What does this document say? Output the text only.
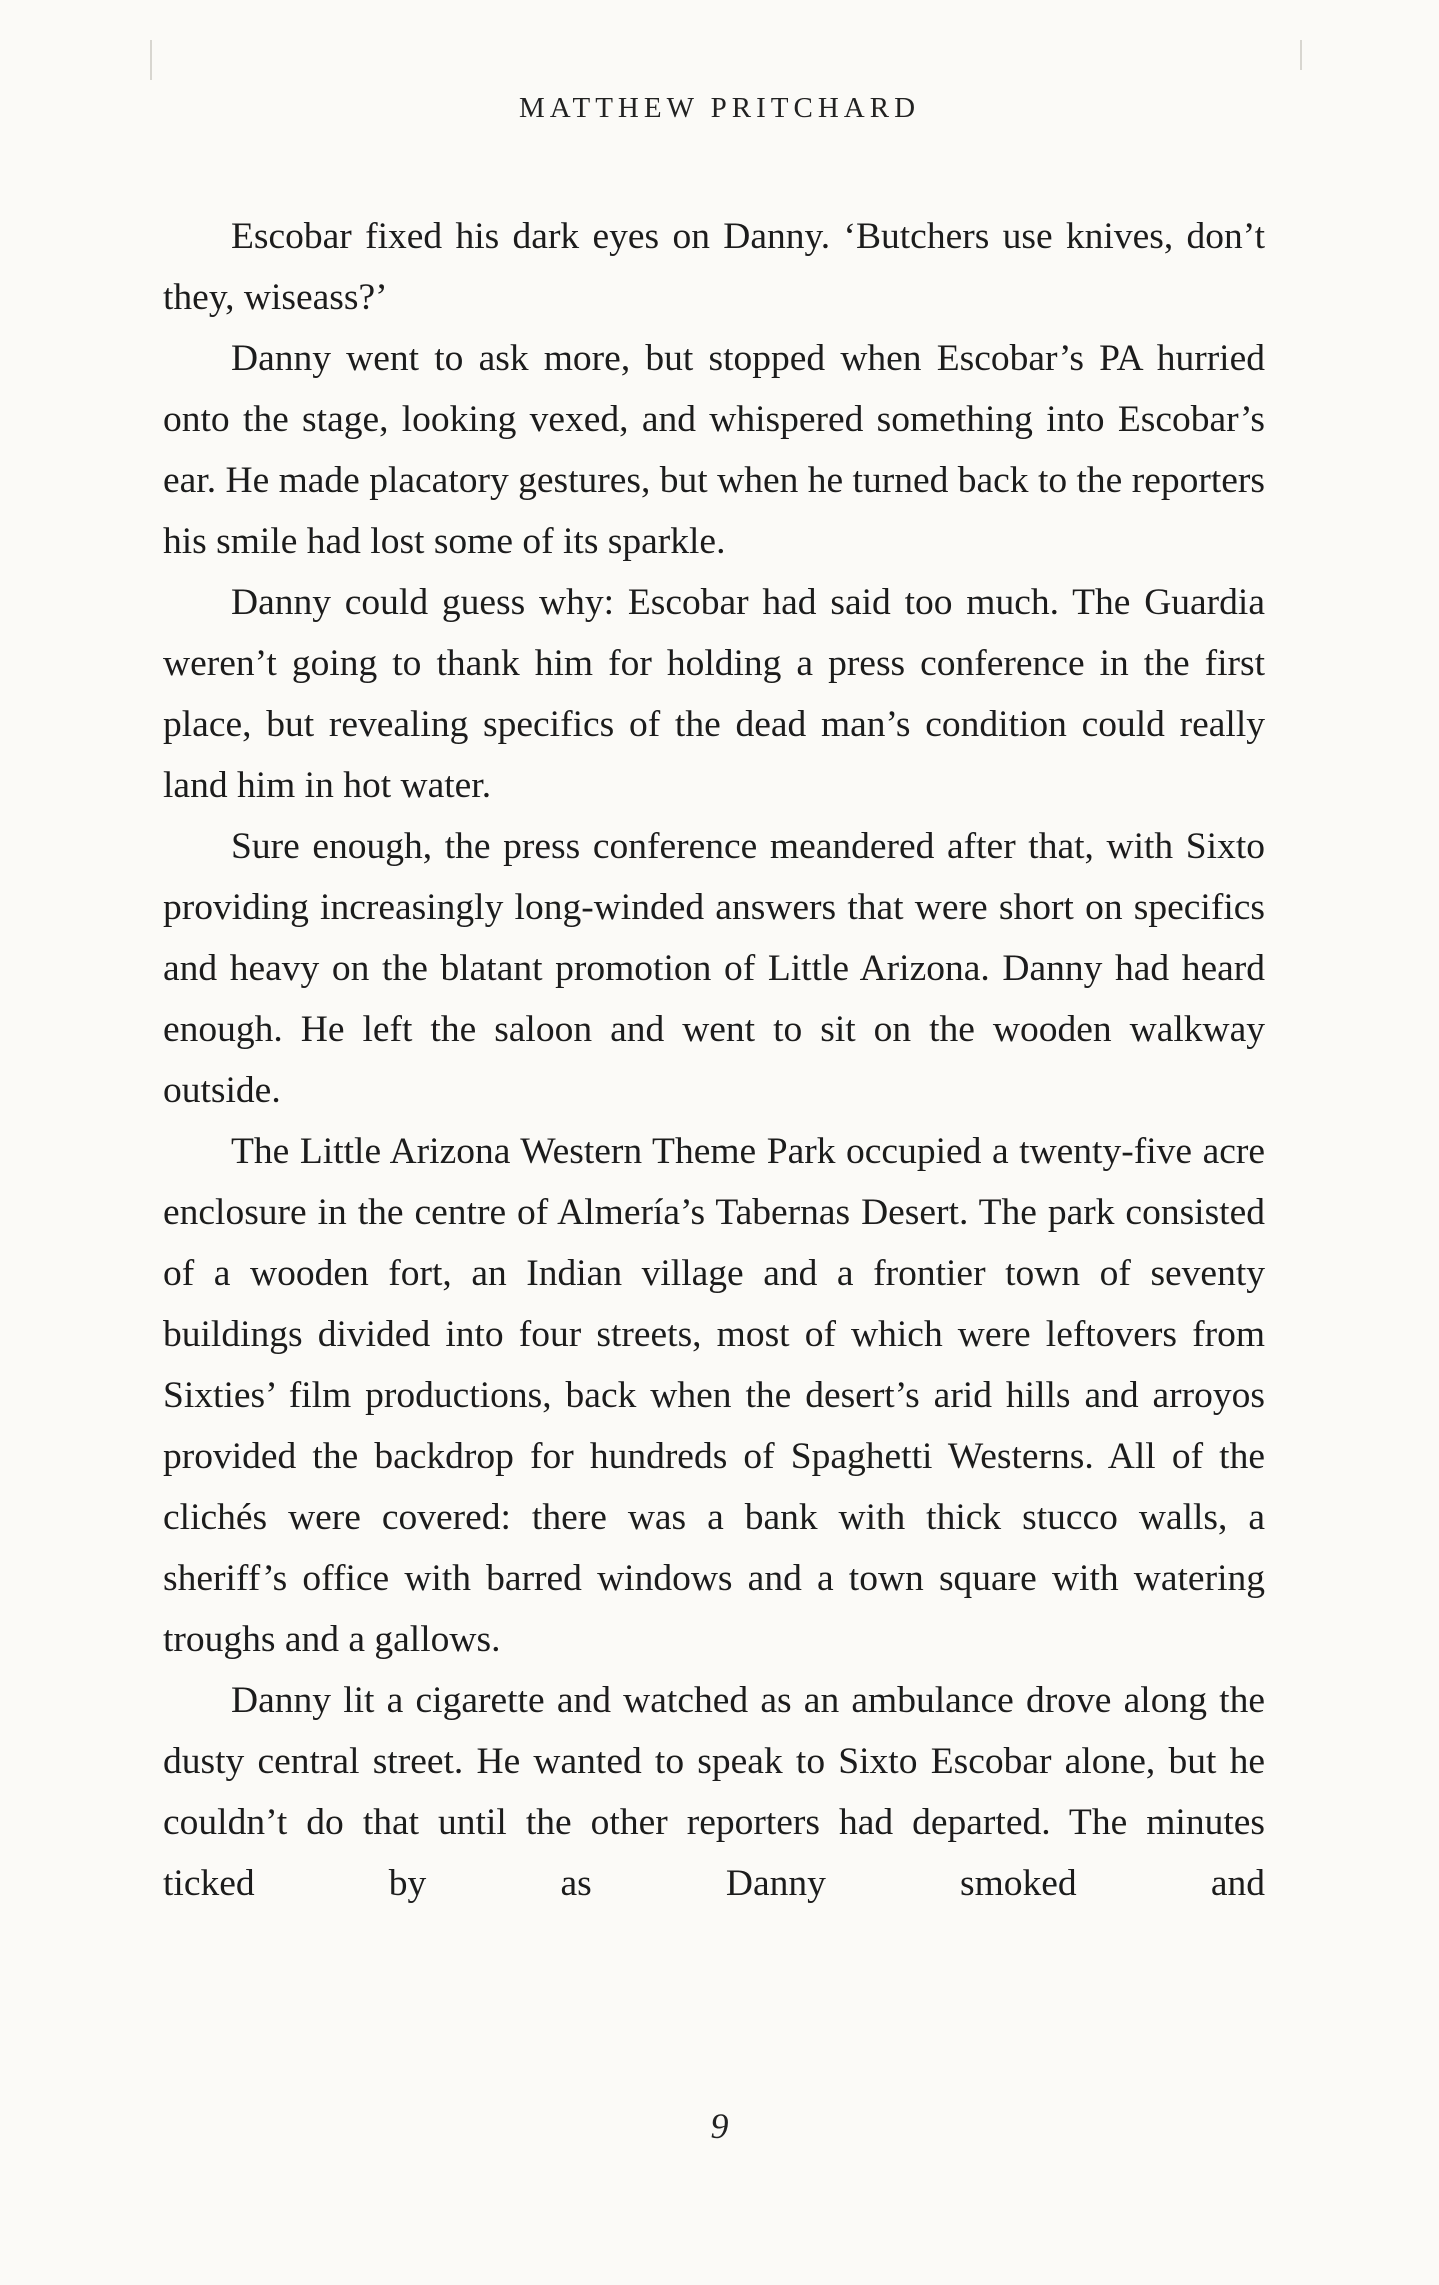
MATTHEW PRITCHARD

Escobar fixed his dark eyes on Danny. ‘Butchers use knives, don’t they, wiseass?’

Danny went to ask more, but stopped when Escobar’s PA hurried onto the stage, looking vexed, and whispered something into Escobar’s ear. He made placatory gestures, but when he turned back to the reporters his smile had lost some of its sparkle.

Danny could guess why: Escobar had said too much. The Guardia weren’t going to thank him for holding a press conference in the first place, but revealing specifics of the dead man’s condition could really land him in hot water.

Sure enough, the press conference meandered after that, with Sixto providing increasingly long-winded answers that were short on specifics and heavy on the blatant promotion of Little Arizona. Danny had heard enough. He left the saloon and went to sit on the wooden walkway outside.

The Little Arizona Western Theme Park occupied a twenty-five acre enclosure in the centre of Almería’s Tabernas Desert. The park consisted of a wooden fort, an Indian village and a frontier town of seventy buildings divided into four streets, most of which were leftovers from Sixties’ film productions, back when the desert’s arid hills and arroyos provided the backdrop for hundreds of Spaghetti Westerns. All of the clichés were covered: there was a bank with thick stucco walls, a sheriff’s office with barred windows and a town square with watering troughs and a gallows.

Danny lit a cigarette and watched as an ambulance drove along the dusty central street. He wanted to speak to Sixto Escobar alone, but he couldn’t do that until the other reporters had departed. The minutes ticked by as Danny smoked and

9
